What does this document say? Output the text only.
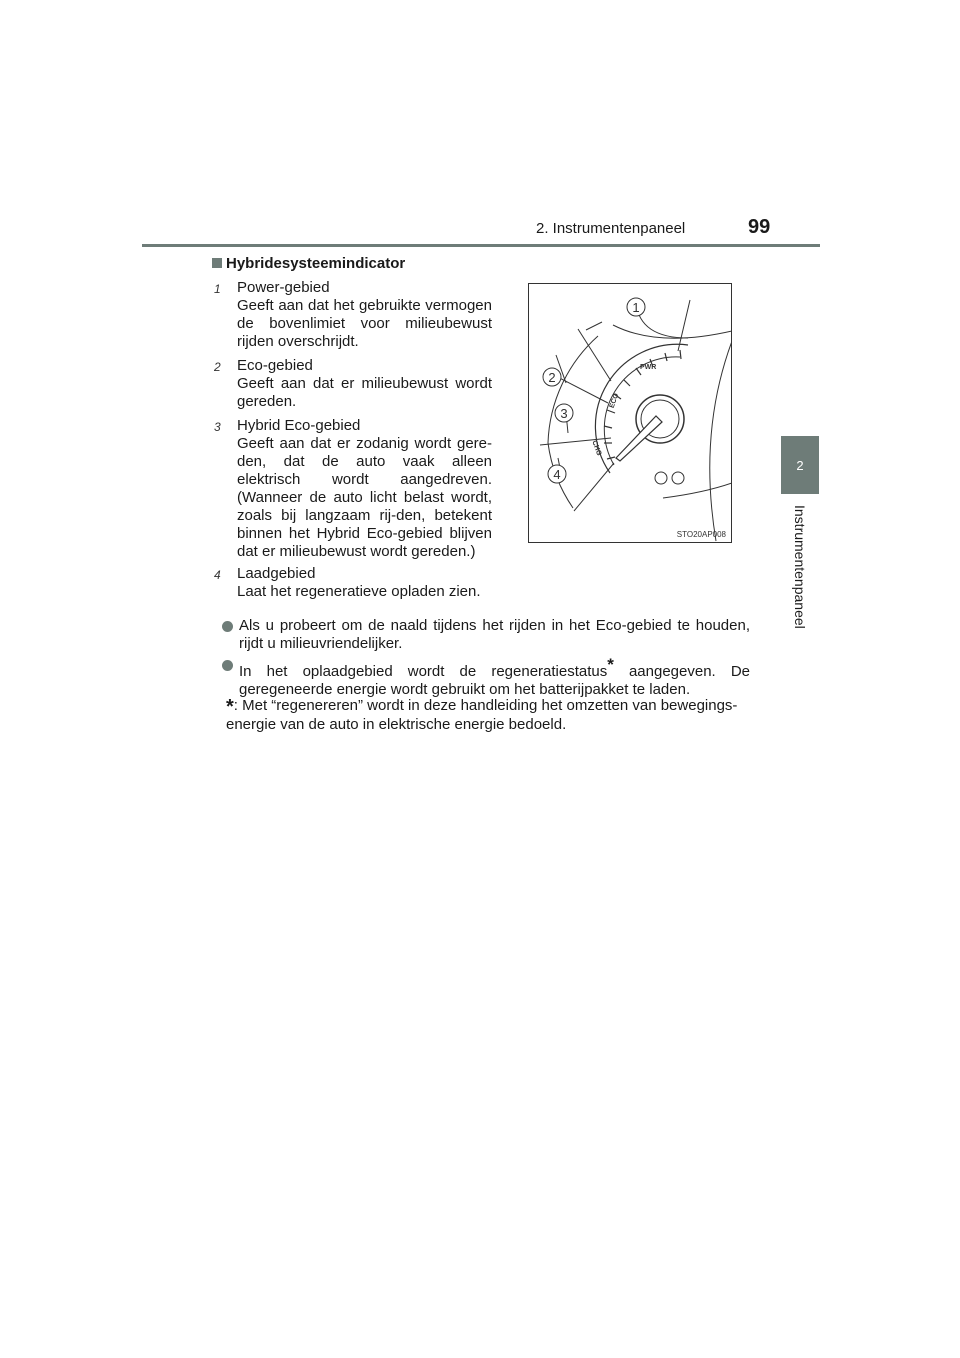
2. Instrumentenpaneel	99
2
Instrumentenpaneel
Hybridesysteemindicator
1 Power-gebied
Geeft aan dat het gebruikte vermogen de bovenlimiet voor milieubewust rijden overschrijdt.
2 Eco-gebied
Geeft aan dat er milieubewust wordt gereden.
3 Hybrid Eco-gebied
Geeft aan dat er zodanig wordt gere-den, dat de auto vaak alleen elektrisch wordt aangedreven. (Wanneer de auto licht belast wordt, zoals bij langzaam rij-den, betekent binnen het Hybrid Eco-gebied blijven dat er milieubewust wordt gereden.)
4 Laadgebied
Laat het regeneratieve opladen zien.
Als u probeert om de naald tijdens het rijden in het Eco-gebied te houden, rijdt u milieuvriendelijker.
In het oplaadgebied wordt de regeneratiestatus* aangegeven. De geregeneerde energie wordt gebruikt om het batterijpakket te laden.
*: Met “regenereren” wordt in deze handleiding het omzetten van bewegings-energie van de auto in elektrische energie bedoeld.
PWR
ECO
CHG
1
2
3
4
STO20AP008
